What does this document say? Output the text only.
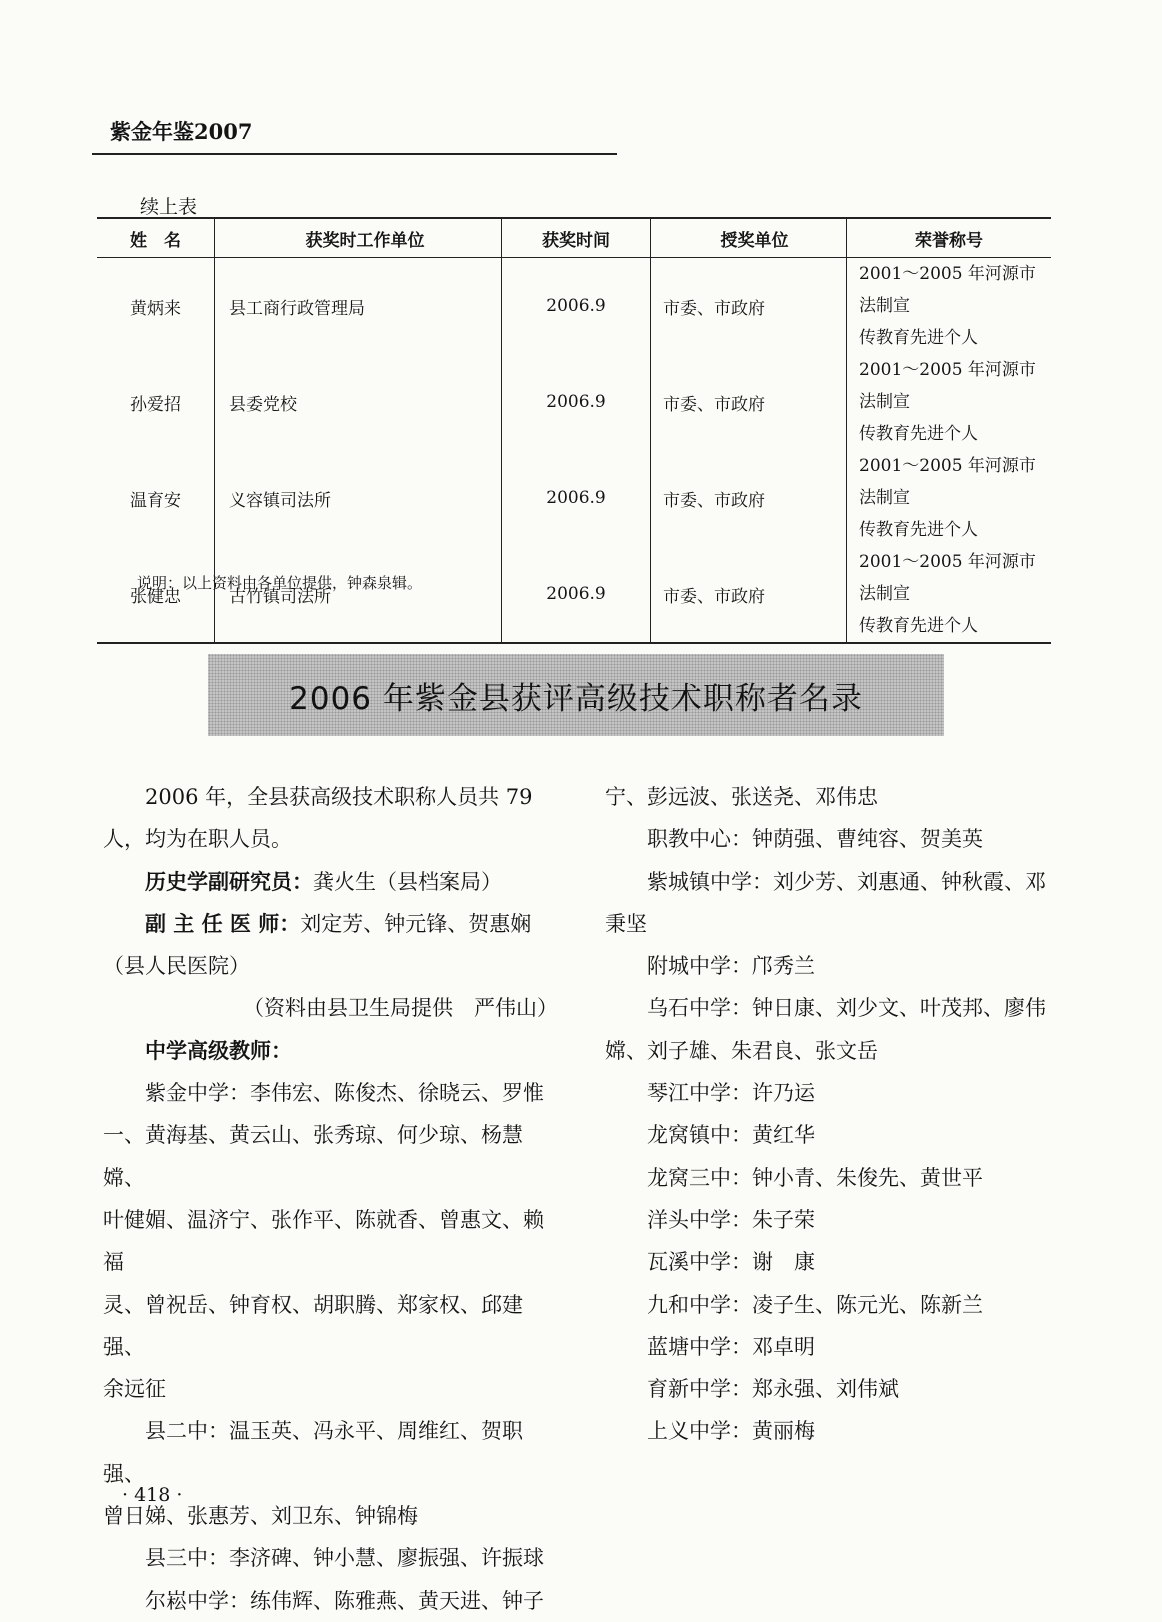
紫金年鉴2007
续上表
姓　名	获奖时工作单位	获奖时间	授奖单位	荣誉称号
黄炳来	县工商行政管理局	2006.9	市委、市政府	2001～2005 年河源市法制宣
传教育先进个人
孙爱招	县委党校	2006.9	市委、市政府	2001～2005 年河源市法制宣
传教育先进个人
温育安	义容镇司法所	2006.9	市委、市政府	2001～2005 年河源市法制宣
传教育先进个人
张健忠	古竹镇司法所	2006.9	市委、市政府	2001～2005 年河源市法制宣
传教育先进个人
说明：以上资料由各单位提供，钟森泉辑。
2006 年紫金县获评高级技术职称者名录

2006 年，全县获高级技术职称人员共 79

人，均为在职人员。

历史学副研究员：龚火生（县档案局）

副 主 任 医 师：刘定芳、钟元锋、贺惠娴

（县人民医院）

（资料由县卫生局提供　严伟山）

中学高级教师：

紫金中学：李伟宏、陈俊杰、徐晓云、罗惟

一、黄海基、黄云山、张秀琼、何少琼、杨慧嫦、

叶健媚、温济宁、张作平、陈就香、曾惠文、赖福

灵、曾祝岳、钟育权、胡职腾、郑家权、邱建强、

余远征

县二中：温玉英、冯永平、周维红、贺职强、

曾日娣、张惠芳、刘卫东、钟锦梅

县三中：李济碑、钟小慧、廖振强、许振球

尔崧中学：练伟辉、陈雅燕、黄天进、钟子

宁、彭远波、张送尧、邓伟忠

职教中心：钟荫强、曹纯容、贺美英

紫城镇中学：刘少芳、刘惠通、钟秋霞、邓

秉坚

附城中学：邝秀兰

乌石中学：钟日康、刘少文、叶茂邦、廖伟

嫦、刘子雄、朱君良、张文岳

琴江中学：许乃运

龙窝镇中：黄红华

龙窝三中：钟小青、朱俊先、黄世平

洋头中学：朱子荣

瓦溪中学：谢　康

九和中学：凌子生、陈元光、陈新兰

蓝塘中学：邓卓明

育新中学：郑永强、刘伟斌

上义中学：黄丽梅

· 418 ·
